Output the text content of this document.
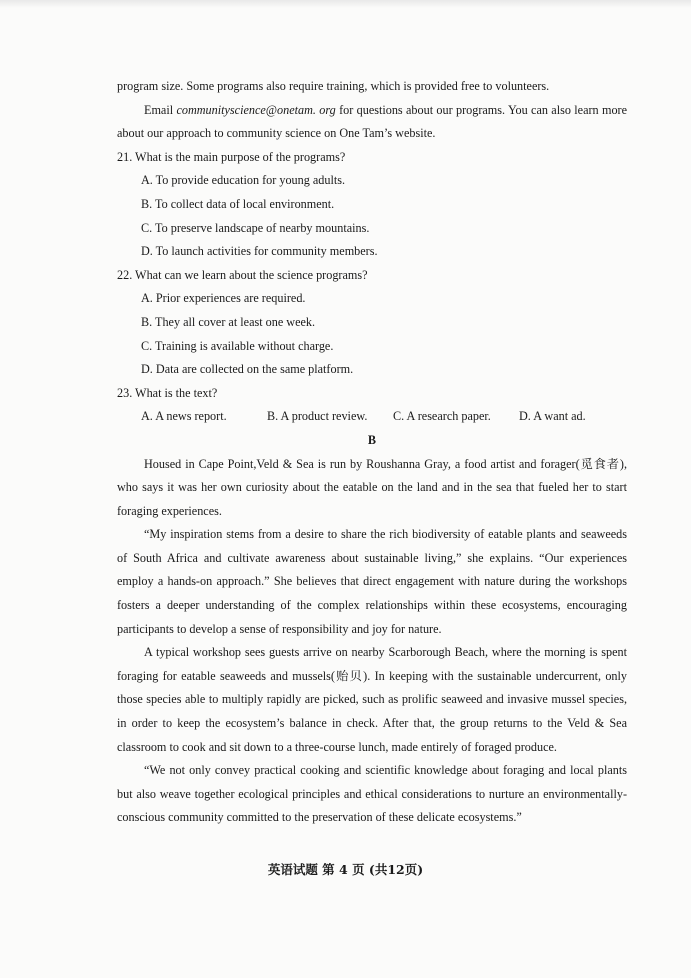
program size. Some programs also require training, which is provided free to volunteers.

Email communityscience@onetam. org for questions about our programs. You can also learn more about our approach to community science on One Tam’s website.

21. What is the main purpose of the programs?

A. To provide education for young adults.

B. To collect data of local environment.

C. To preserve landscape of nearby mountains.

D. To launch activities for community members.

22. What can we learn about the science programs?

A. Prior experiences are required.

B. They all cover at least one week.

C. Training is available without charge.

D. Data are collected on the same platform.

23. What is the text?

A. A news report.	B. A product review.	C. A research paper.	D. A want ad.

B

Housed in Cape Point,Veld & Sea is run by Roushanna Gray, a food artist and forager(觅食者), who says it was her own curiosity about the eatable on the land and in the sea that fueled her to start foraging experiences.

“My inspiration stems from a desire to share the rich biodiversity of eatable plants and seaweeds of South Africa and cultivate awareness about sustainable living,” she explains. “Our experiences employ a hands-on approach.” She believes that direct engagement with nature during the workshops fosters a deeper understanding of the complex relationships within these ecosystems, encouraging participants to develop a sense of responsibility and joy for nature.

A typical workshop sees guests arrive on nearby Scarborough Beach, where the morning is spent foraging for eatable seaweeds and mussels(贻贝). In keeping with the sustainable undercurrent, only those species able to multiply rapidly are picked, such as prolific seaweed and invasive mussel species, in order to keep the ecosystem’s balance in check. After that, the group returns to the Veld & Sea classroom to cook and sit down to a three-course lunch, made entirely of foraged produce.

“We not only convey practical cooking and scientific knowledge about foraging and local plants but also weave together ecological principles and ethical considerations to nurture an environmentally-conscious community committed to the preservation of these delicate ecosystems.”

英语试题 第 4 页 (共12页)
